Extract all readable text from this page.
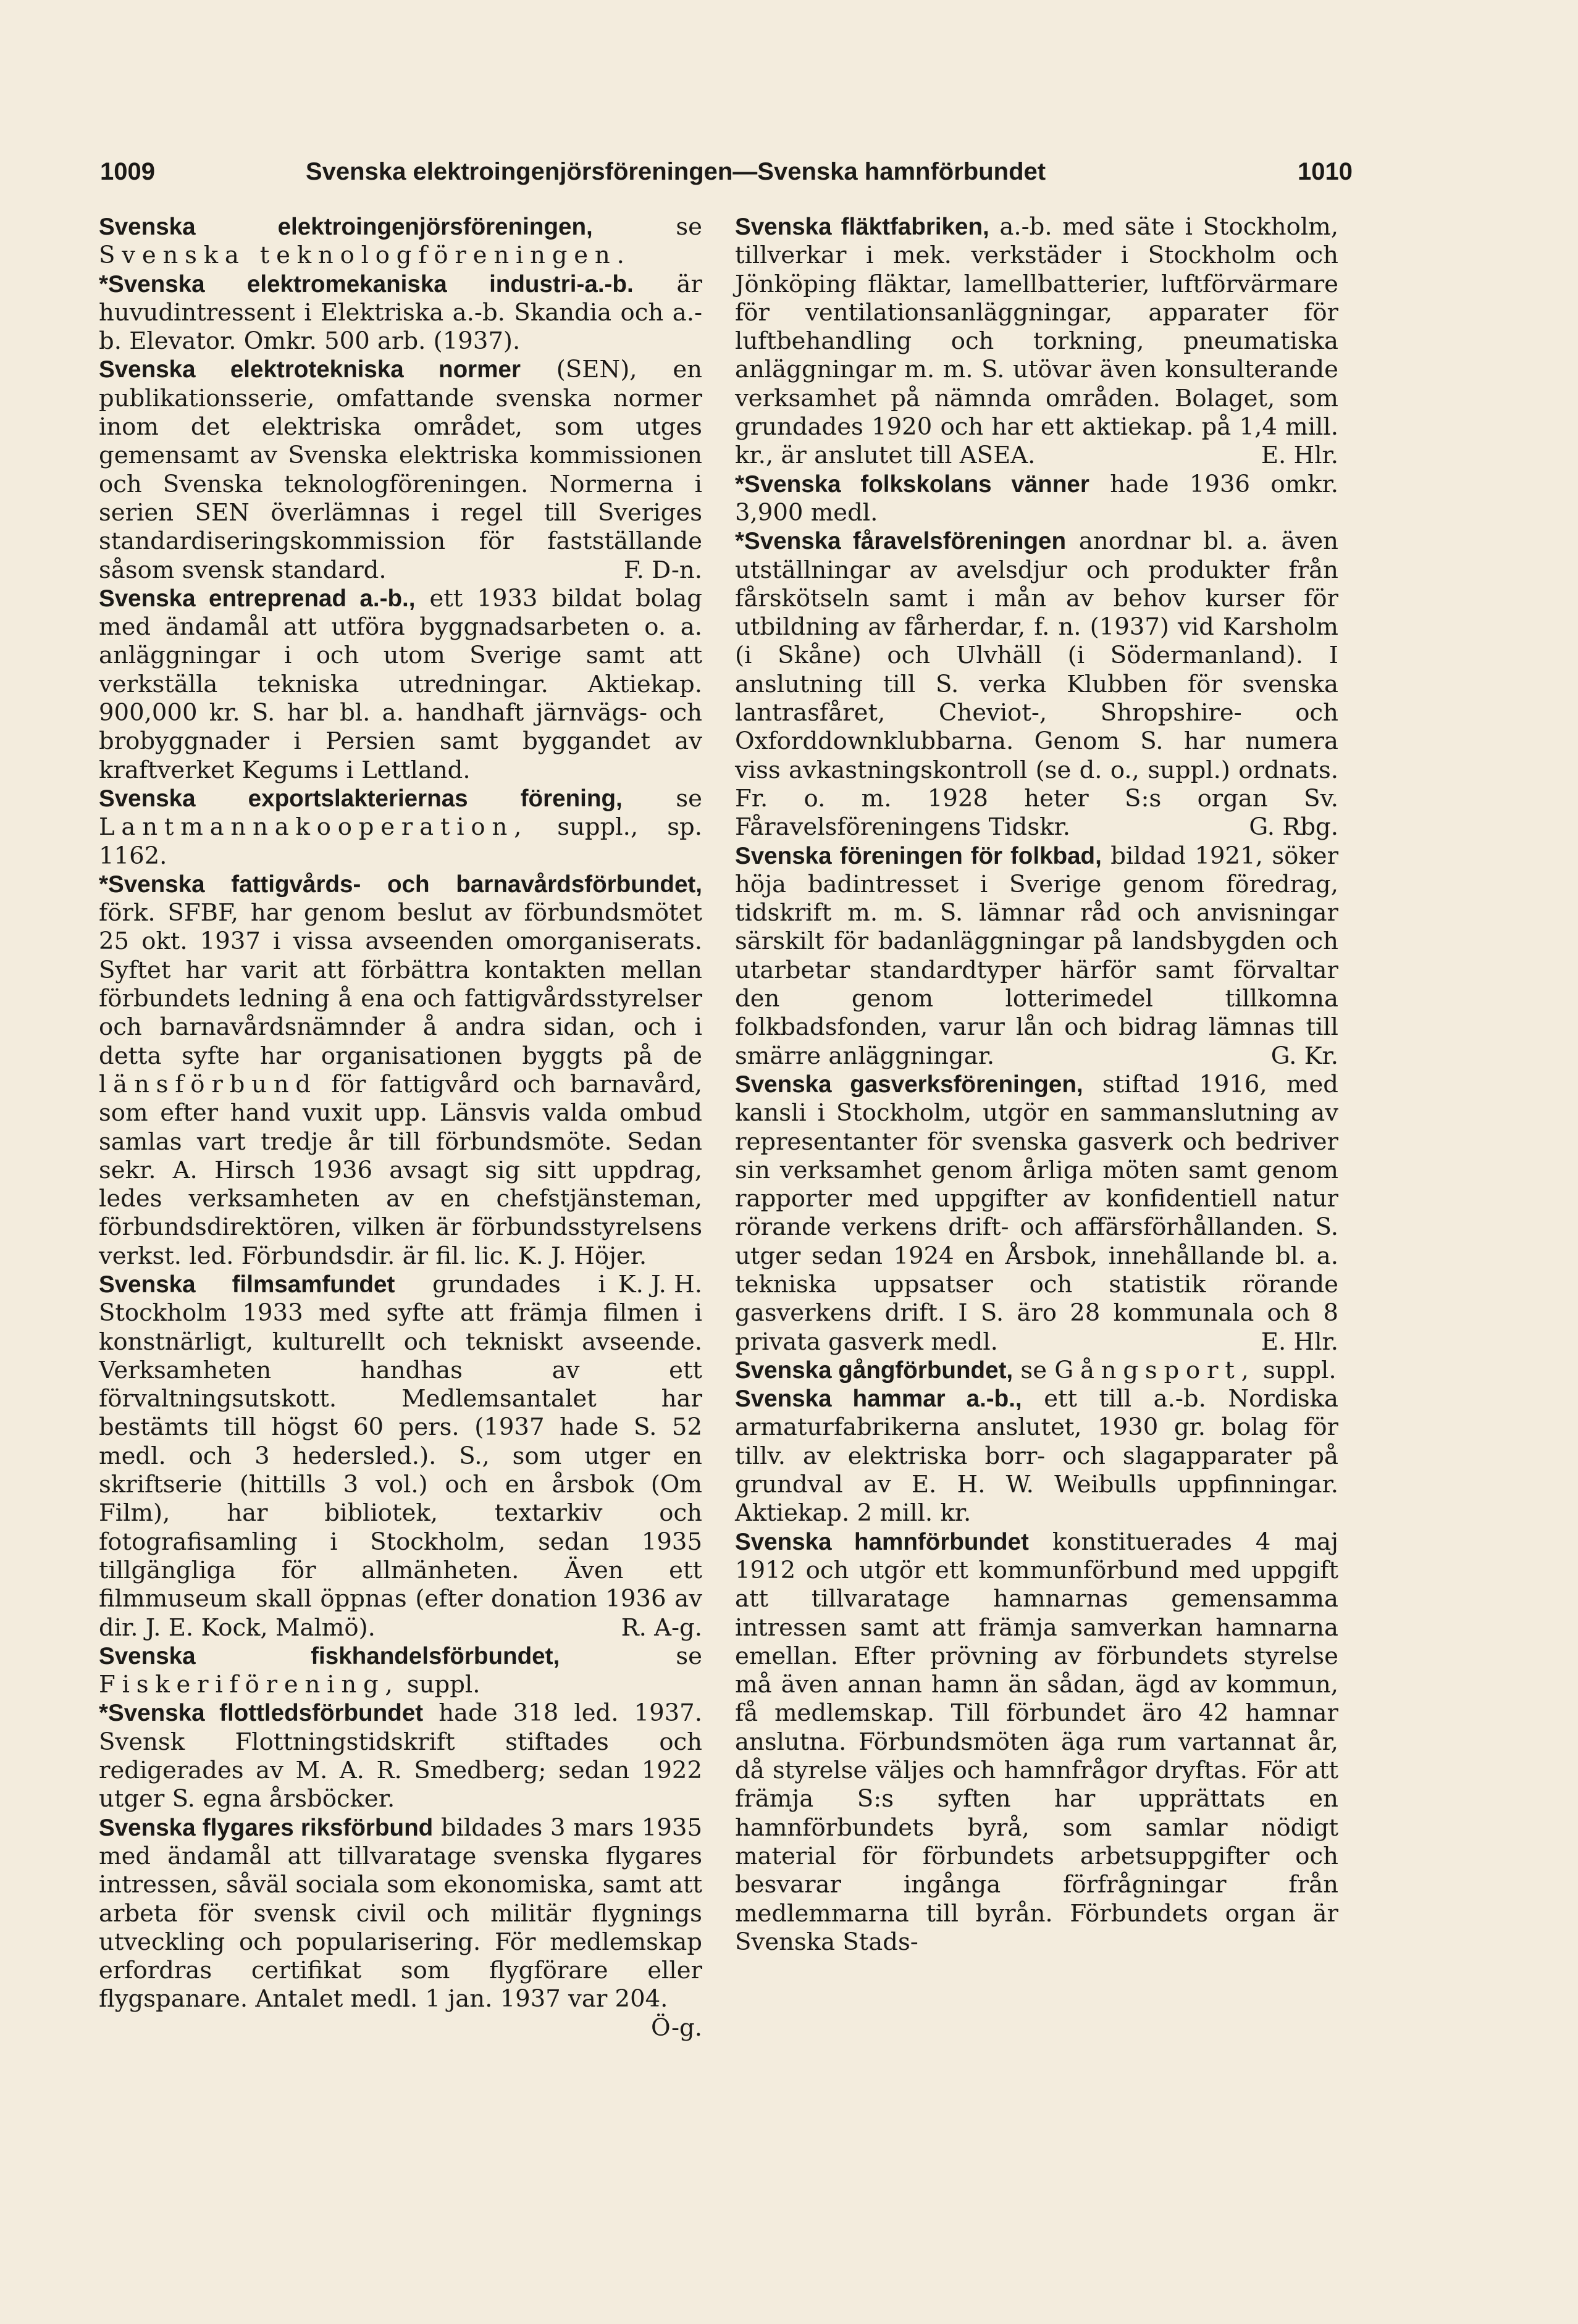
1009	Svenska elektroingenjörsföreningen—Svenska hamnförbundet	1010

Svenska elektroingenjörsföreningen,	se Svenska teknologföreningen.

*Svenska elektromekaniska industri-a.-b. är huvudintressent i Elektriska a.-b. Skandia och a.-b. Elevator. Omkr. 500 arb. (1937).

Svenska elektrotekniska normer (SEN), en publikationsserie, omfattande svenska normer inom det elektriska området, som utges gemensamt av Svenska elektriska kommissionen och Svenska teknologföreningen. Normerna i serien SEN överlämnas i regel till Sveriges standardiseringskommission för fastställande såsom svensk standard.	F. D-n.

Svenska entreprenad a.-b., ett 1933 bildat bolag med ändamål att utföra byggnadsarbeten o. a. anläggningar i och utom Sverige samt att verkställa tekniska utredningar. Aktiekap. 900,000 kr. S. har bl. a. handhaft järnvägs- och brobyggnader i Persien samt byggandet av kraftverket Kegums i Lettland.

Svenska exportslakteriernas förening, se Lantmannakooperation, suppl., sp. 1162.

*Svenska fattigvårds- och barnavårdsförbundet, förk. SFBF, har genom beslut av förbundsmötet 25 okt. 1937 i vissa avseenden omorganiserats. Syftet har varit att förbättra kontakten mellan förbundets ledning å ena och fattigvårdsstyrelser och barnavårdsnämnder å andra sidan, och i detta syfte har organisationen byggts på de länsförbund för fattigvård och barnavård, som efter hand vuxit upp. Länsvis valda ombud samlas vart tredje år till förbundsmöte. Sedan sekr. A. Hirsch 1936 avsagt sig sitt uppdrag, ledes verksamheten av en chefstjänsteman, förbundsdirektören, vilken är förbundsstyrelsens verkst. led. Förbundsdir. är fil. lic. K. J. Höjer.
K. J. H.

Svenska filmsamfundet grundades i Stockholm 1933 med syfte att främja filmen i konstnärligt, kulturellt och tekniskt avseende. Verksamheten handhas av ett förvaltningsutskott. Medlemsantalet har bestämts till högst 60 pers. (1937 hade S. 52 medl. och 3 hedersled.). S., som utger en skriftserie (hittills 3 vol.) och en årsbok (Om Film), har bibliotek, textarkiv och fotografisamling i Stockholm, sedan 1935 tillgängliga för allmänheten. Även ett filmmuseum skall öppnas (efter donation 1936 av dir. J. E. Kock, Malmö).	R. A-g.

Svenska fiskhandelsförbundet,	se Fiskeriförening, suppl.

*Svenska flottledsförbundet hade 318 led. 1937. Svensk Flottningstidskrift stiftades och redigerades av M. A. R. Smedberg; sedan 1922 utger S. egna årsböcker.

Svenska flygares riksförbund bildades 3 mars 1935 med ändamål att tillvaratage svenska flygares intressen, såväl sociala som ekonomiska, samt att arbeta för svensk civil och militär flygnings utveckling och popularisering. För medlemskap erfordras certifikat som flygförare eller flygspanare. Antalet medl. 1 jan. 1937 var 204.
Ö-g.

Svenska fläktfabriken, a.-b. med säte i Stockholm, tillverkar i mek. verkstäder i Stockholm och Jönköping fläktar, lamellbatterier, luftförvärmare för ventilationsanläggningar, apparater för luftbehandling och torkning, pneumatiska anläggningar m. m. S. utövar även konsulterande verksamhet på nämnda områden. Bolaget, som grundades 1920 och har ett aktiekap. på 1,4 mill. kr., är anslutet till ASEA.	E. Hlr.

*Svenska folkskolans vänner hade 1936 omkr. 3,900 medl.

*Svenska fåravelsföreningen anordnar bl. a. även utställningar av avelsdjur och produkter från fårskötseln samt i mån av behov kurser för utbildning av fårherdar, f. n. (1937) vid Karsholm (i Skåne) och Ulvhäll (i Södermanland). I anslutning till S. verka Klubben för svenska lantrasfåret, Cheviot-, Shropshire- och Oxforddownklubbarna. Genom S. har numera viss avkastningskontroll (se d. o., suppl.) ordnats. Fr. o. m. 1928 heter S:s organ Sv. Fåravelsföreningens Tidskr.	G. Rbg.

Svenska föreningen för folkbad, bildad 1921, söker höja badintresset i Sverige genom föredrag, tidskrift m. m. S. lämnar råd och anvisningar särskilt för badanläggningar på landsbygden och utarbetar standardtyper härför samt förvaltar den genom lotterimedel tillkomna folkbadsfonden, varur lån och bidrag lämnas till smärre anläggningar.	G. Kr.

Svenska gasverksföreningen, stiftad 1916, med kansli i Stockholm, utgör en sammanslutning av representanter för svenska gasverk och bedriver sin verksamhet genom årliga möten samt genom rapporter med uppgifter av konfidentiell natur rörande verkens drift- och affärsförhållanden. S. utger sedan 1924 en Årsbok, innehållande bl. a. tekniska uppsatser och statistik rörande gasverkens drift. I S. äro 28 kommunala och 8 privata gasverk medl.	E. Hlr.

Svenska gångförbundet, se Gångsport, suppl.

Svenska hammar a.-b., ett till a.-b. Nordiska armaturfabrikerna anslutet, 1930 gr. bolag för tillv. av elektriska borr- och slagapparater på grundval av E. H. W. Weibulls uppfinningar. Aktiekap. 2 mill. kr.

Svenska hamnförbundet konstituerades 4 maj 1912 och utgör ett kommunförbund med uppgift att tillvaratage hamnarnas gemensamma intressen samt att främja samverkan hamnarna emellan. Efter prövning av förbundets styrelse må även annan hamn än sådan, ägd av kommun, få medlemskap. Till förbundet äro 42 hamnar anslutna. Förbundsmöten äga rum vartannat år, då styrelse väljes och hamnfrågor dryftas. För att främja S:s syften har upprättats en hamnförbundets byrå, som samlar nödigt material för förbundets arbetsuppgifter och besvarar ingånga förfrågningar från medlemmarna till byrån. Förbundets organ är Svenska Stads-
